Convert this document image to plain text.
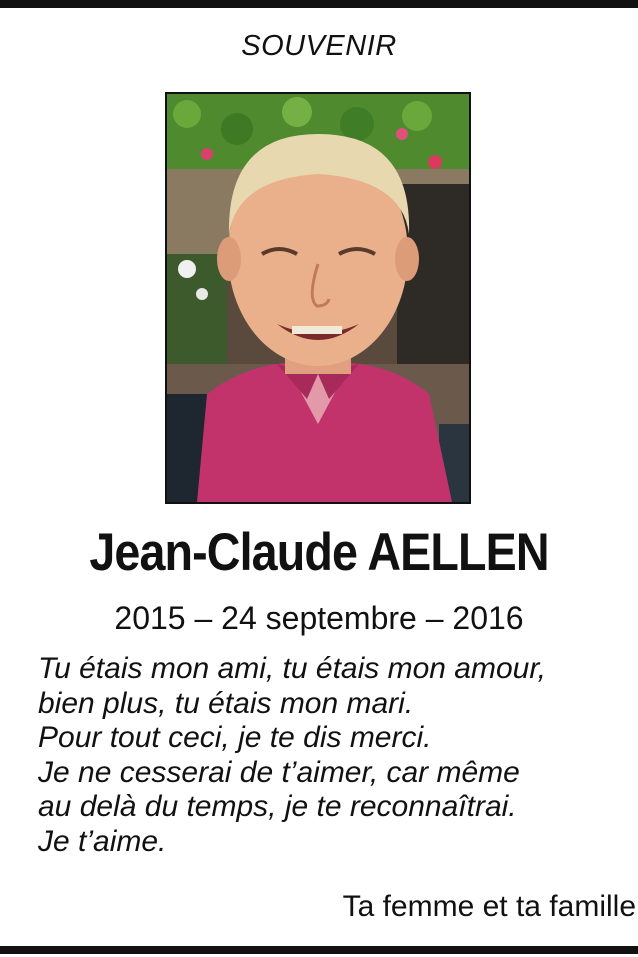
SOUVENIR
Jean-Claude AELLEN
2015 – 24 septembre – 2016
Tu étais mon ami, tu étais mon amour,
bien plus, tu étais mon mari.
Pour tout ceci, je te dis merci.
Je ne cesserai de t’aimer, car même
au delà du temps, je te reconnaîtrai.
Je t’aime.
Ta femme et ta famille
